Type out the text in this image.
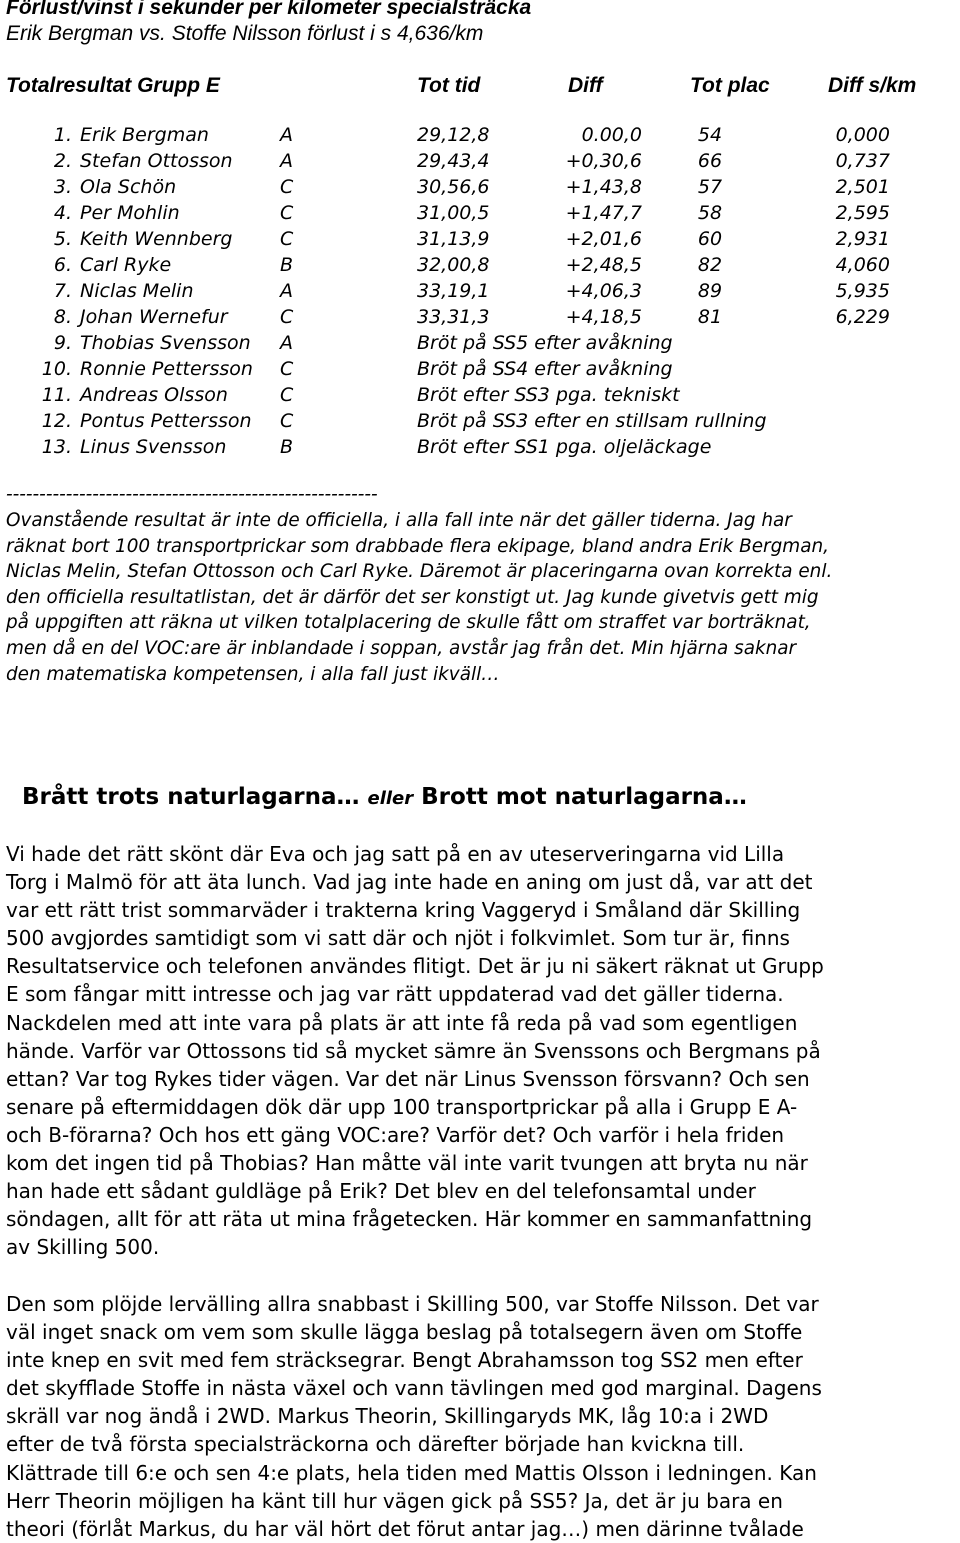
Förlust/vinst i sekunder per kilometer specialsträcka
Erik Bergman vs. Stoffe Nilsson förlust i s 4,636/km
Totalresultat Grupp E	Tot tid	Diff	Tot plac	Diff s/km
1. Erik Bergman	A	29,12,8	0.00,0	54	0,000
2. Stefan Ottosson A	29,43,4	+0,30,6	66	0,737
3. Ola Schön	C	30,56,6	+1,43,8	57	2,501
4. Per Mohlin	C	31,00,5	+1,47,7	58	2,595
5. Keith Wennberg	C	31,13,9	+2,01,6	60	2,931
6. Carl Ryke	B	32,00,8	+2,48,5	82	4,060
7. Niclas Melin	A	33,19,1	+4,06,3	89	5,935
8. Johan Wernefur	C	33,31,3	+4,18,5	81	6,229
9. Thobias Svensson A	Bröt på SS5 efter avåkning
10. Ronnie Pettersson C	Bröt på SS4 efter avåkning
11. Andreas Olsson	C	Bröt efter SS3 pga. tekniskt
12. Pontus Pettersson C	Bröt på SS3 efter en stillsam rullning
13. Linus Svensson	B	Bröt efter SS1 pga. oljeläckage
--------------------------------------------------------
Ovanstående resultat är inte de officiella, i alla fall inte när det gäller tiderna. Jag har
räknat bort 100 transportprickar som drabbade flera ekipage, bland andra Erik Bergman,
Niclas Melin, Stefan Ottosson och Carl Ryke. Däremot är placeringarna ovan korrekta enl.
den officiella resultatlistan, det är därför det ser konstigt ut. Jag kunde givetvis gett mig
på uppgiften att räkna ut vilken totalplacering de skulle fått om straffet var borträknat,
men då en del VOC:are är inblandade i soppan, avstår jag från det. Min hjärna saknar
den matematiska kompetensen, i alla fall just ikväll…
Brått trots naturlagarna… eller Brott mot naturlagarna…
Vi hade det rätt skönt där Eva och jag satt på en av uteserveringarna vid Lilla
Torg i Malmö för att äta lunch. Vad jag inte hade en aning om just då, var att det
var ett rätt trist sommarväder i trakterna kring Vaggeryd i Småland där Skilling
500 avgjordes samtidigt som vi satt där och njöt i folkvimlet. Som tur är, finns
Resultatservice och telefonen användes flitigt. Det är ju ni säkert räknat ut Grupp
E som fångar mitt intresse och jag var rätt uppdaterad vad det gäller tiderna.
Nackdelen med att inte vara på plats är att inte få reda på vad som egentligen
hände. Varför var Ottossons tid så mycket sämre än Svenssons och Bergmans på
ettan? Var tog Rykes tider vägen. Var det när Linus Svensson försvann? Och sen
senare på eftermiddagen dök där upp 100 transportprickar på alla i Grupp E A-
och B-förarna? Och hos ett gäng VOC:are? Varför det? Och varför i hela friden
kom det ingen tid på Thobias? Han måtte väl inte varit tvungen att bryta nu när
han hade ett sådant guldläge på Erik? Det blev en del telefonsamtal under
söndagen, allt för att räta ut mina frågetecken. Här kommer en sammanfattning
av Skilling 500.
Den som plöjde lervälling allra snabbast i Skilling 500, var Stoffe Nilsson. Det var
väl inget snack om vem som skulle lägga beslag på totalsegern även om Stoffe
inte knep en svit med fem sträcksegrar. Bengt Abrahamsson tog SS2 men efter
det skyfflade Stoffe in nästa växel och vann tävlingen med god marginal. Dagens
skräll var nog ändå i 2WD. Markus Theorin, Skillingaryds MK, låg 10:a i 2WD
efter de två första specialsträckorna och därefter började han kvickna till.
Klättrade till 6:e och sen 4:e plats, hela tiden med Mattis Olsson i ledningen. Kan
Herr Theorin möjligen ha känt till hur vägen gick på SS5? Ja, det är ju bara en
theori (förlåt Markus, du har väl hört det förut antar jag…) men därinne tvålade
